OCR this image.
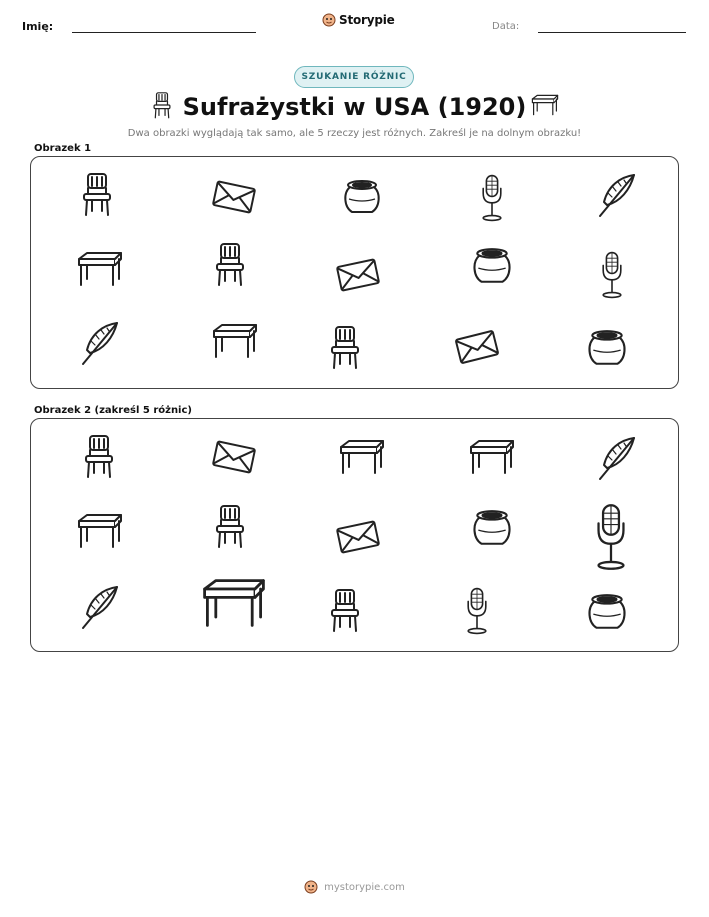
Imię:	Storypie	Data:
SZUKANIE RÓŻNIC
Sufrażystki w USA (1920)
Dwa obrazki wyglądają tak samo, ale 5 rzeczy jest różnych. Zakreśl je na dolnym obrazku!
Obrazek 1
Obrazek 2 (zakreśl 5 różnic)
mystorypie.com
